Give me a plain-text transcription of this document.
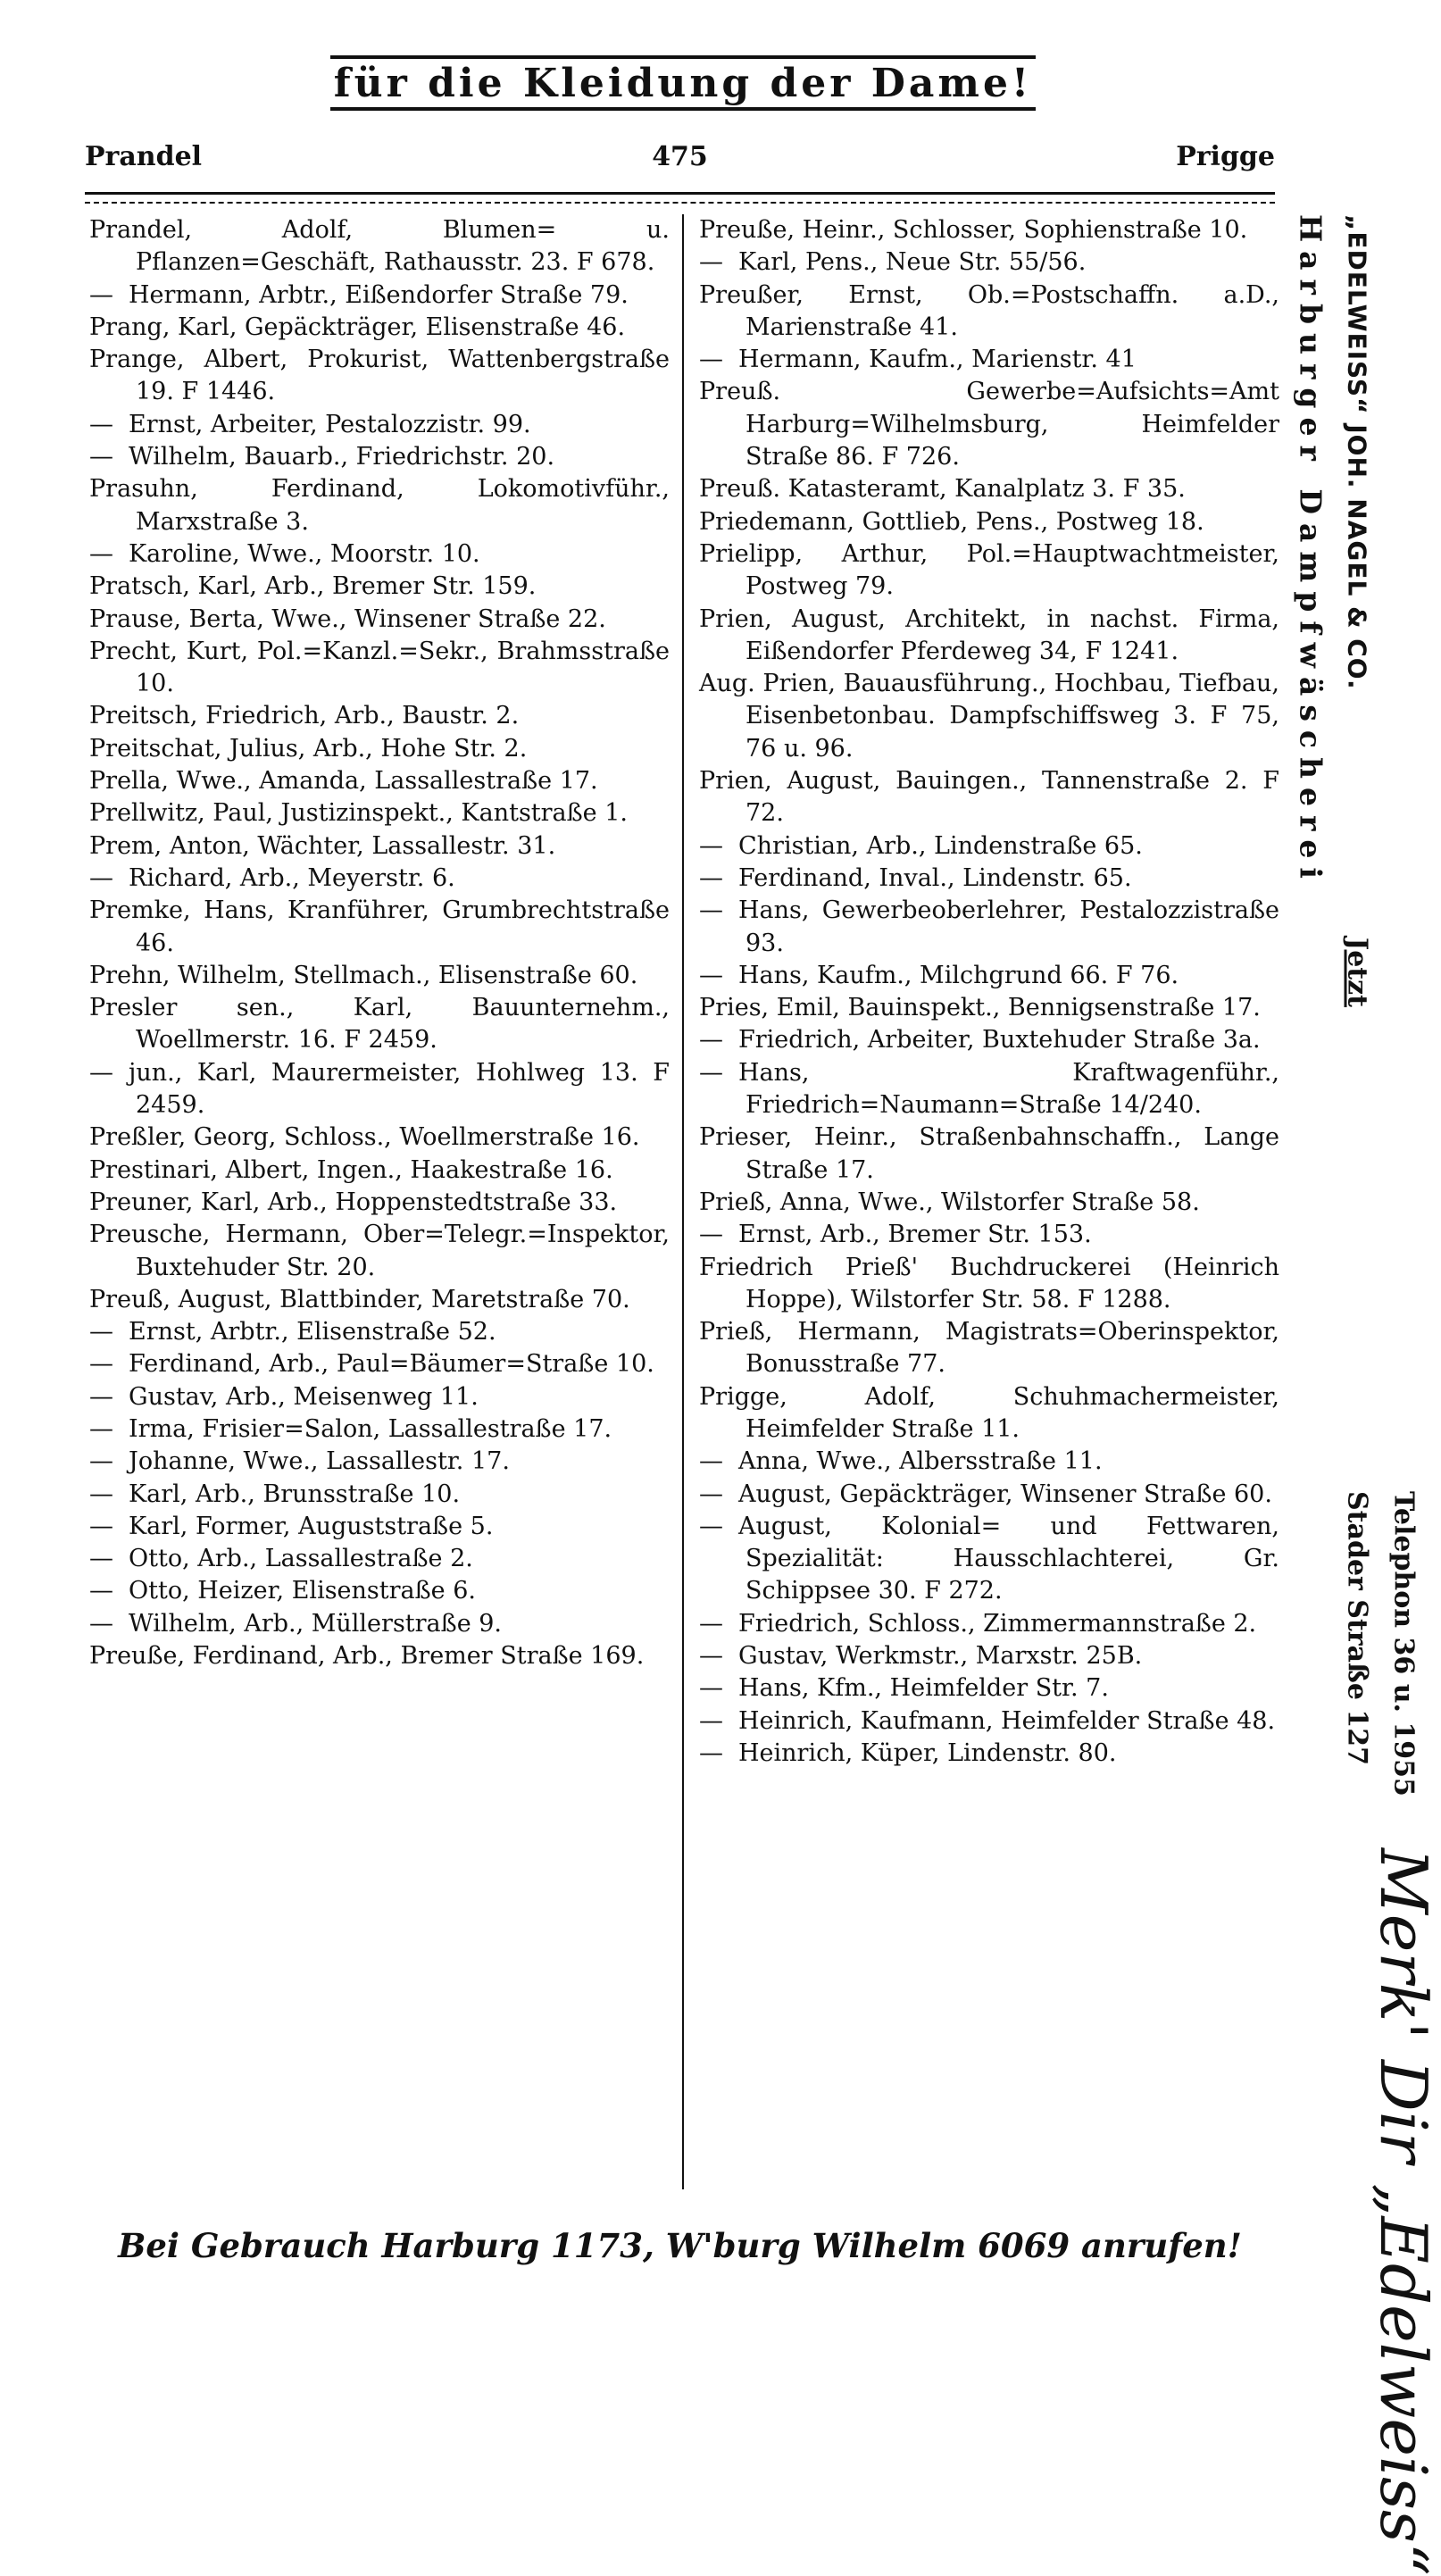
für die Kleidung der Dame!
Prandel	475	Prigge

Prandel, Adolf, Blumen= u. Pflanzen=Geschäft, Rathausstr. 23. F 678.

— Hermann, Arbtr., Eißendorfer Straße 79.

Prang, Karl, Gepäckträger, Elisenstraße 46.

Prange, Albert, Prokurist, Wattenbergstraße 19. F 1446.

— Ernst, Arbeiter, Pestalozzistr. 99.

— Wilhelm, Bauarb., Friedrichstr. 20.

Prasuhn, Ferdinand, Lokomotivführ., Marxstraße 3.

— Karoline, Wwe., Moorstr. 10.

Pratsch, Karl, Arb., Bremer Str. 159.

Prause, Berta, Wwe., Winsener Straße 22.

Precht, Kurt, Pol.=Kanzl.=Sekr., Brahmsstraße 10.

Preitsch, Friedrich, Arb., Baustr. 2.

Preitschat, Julius, Arb., Hohe Str. 2.

Prella, Wwe., Amanda, Lassallestraße 17.

Prellwitz, Paul, Justizinspekt., Kantstraße 1.

Prem, Anton, Wächter, Lassallestr. 31.

— Richard, Arb., Meyerstr. 6.

Premke, Hans, Kranführer, Grumbrechtstraße 46.

Prehn, Wilhelm, Stellmach., Elisenstraße 60.

Presler sen., Karl, Bauunternehm., Woellmerstr. 16. F 2459.

— jun., Karl, Maurermeister, Hohlweg 13. F 2459.

Preßler, Georg, Schloss., Woellmerstraße 16.

Prestinari, Albert, Ingen., Haakestraße 16.

Preuner, Karl, Arb., Hoppenstedtstraße 33.

Preusche, Hermann, Ober=Telegr.=Inspektor, Buxtehuder Str. 20.

Preuß, August, Blattbinder, Maretstraße 70.

— Ernst, Arbtr., Elisenstraße 52.

— Ferdinand, Arb., Paul=Bäumer=Straße 10.

— Gustav, Arb., Meisenweg 11.

— Irma, Frisier=Salon, Lassallestraße 17.

— Johanne, Wwe., Lassallestr. 17.

— Karl, Arb., Brunsstraße 10.

— Karl, Former, Auguststraße 5.

— Otto, Arb., Lassallestraße 2.

— Otto, Heizer, Elisenstraße 6.

— Wilhelm, Arb., Müllerstraße 9.

Preuße, Ferdinand, Arb., Bremer Straße 169.

Preuße, Heinr., Schlosser, Sophienstraße 10.

— Karl, Pens., Neue Str. 55/56.

Preußer, Ernst, Ob.=Postschaffn. a.D., Marienstraße 41.

— Hermann, Kaufm., Marienstr. 41

Preuß. Gewerbe=Aufsichts=Amt Harburg=Wilhelmsburg, Heimfelder Straße 86. F 726.

Preuß. Katasteramt, Kanalplatz 3. F 35.

Priedemann, Gottlieb, Pens., Postweg 18.

Prielipp, Arthur, Pol.=Hauptwachtmeister, Postweg 79.

Prien, August, Architekt, in nachst. Firma, Eißendorfer Pferdeweg 34, F 1241.

Aug. Prien, Bauausführung., Hochbau, Tiefbau, Eisenbetonbau. Dampfschiffsweg 3. F 75, 76 u. 96.

Prien, August, Bauingen., Tannenstraße 2. F 72.

— Christian, Arb., Lindenstraße 65.

— Ferdinand, Inval., Lindenstr. 65.

— Hans, Gewerbeoberlehrer, Pestalozzistraße 93.

— Hans, Kaufm., Milchgrund 66. F 76.

Pries, Emil, Bauinspekt., Bennigsenstraße 17.

— Friedrich, Arbeiter, Buxtehuder Straße 3a.

— Hans, Kraftwagenführ., Friedrich=Naumann=Straße 14/240.

Prieser, Heinr., Straßenbahnschaffn., Lange Straße 17.

Prieß, Anna, Wwe., Wilstorfer Straße 58.

— Ernst, Arb., Bremer Str. 153.

Friedrich Prieß' Buchdruckerei (Heinrich Hoppe), Wilstorfer Str. 58. F 1288.

Prieß, Hermann, Magistrats=Oberinspektor, Bonusstraße 77.

Prigge, Adolf, Schuhmachermeister, Heimfelder Straße 11.

— Anna, Wwe., Albersstraße 11.

— August, Gepäckträger, Winsener Straße 60.

— August, Kolonial= und Fettwaren, Spezialität: Hausschlachterei, Gr. Schippsee 30. F 272.

— Friedrich, Schloss., Zimmermannstraße 2.

— Gustav, Werkmstr., Marxstr. 25B.

— Hans, Kfm., Heimfelder Str. 7.

— Heinrich, Kaufmann, Heimfelder Straße 48.

— Heinrich, Küper, Lindenstr. 80.

Harburger Dampfwäscherei „EDELWEISS“ JOH. NAGEL & CO.
Jetzt
Stader Straße 127 Telephon 36 u. 1955
Merk' Dir „Edelweiss“
Bei Gebrauch Harburg 1173, W'burg Wilhelm 6069 anrufen!
